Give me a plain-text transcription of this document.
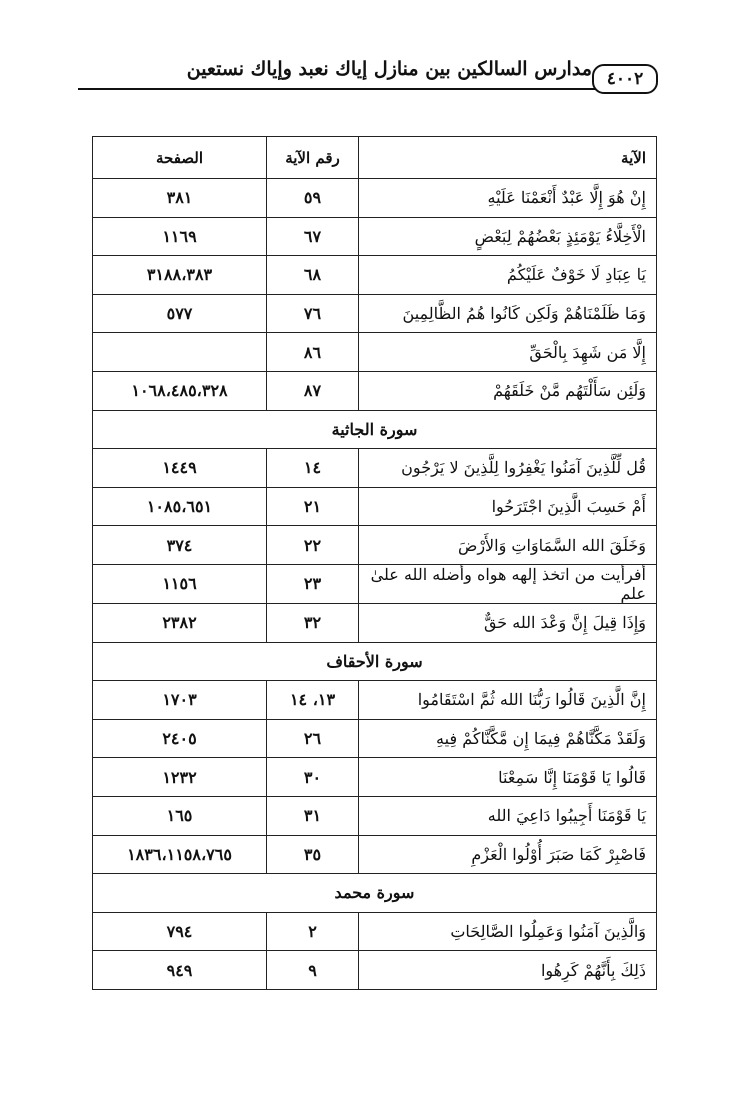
٤٠٠٢
مدارس السالكين بين منازل إياك نعبد وإياك نستعين
الآية	رقم الآية	الصفحة
إِنْ هُوَ إِلَّا عَبْدٌ أَنْعَمْنَا عَلَيْهِ	٥٩	٣٨١
الْأَخِلَّاءُ يَوْمَئِذٍ بَعْضُهُمْ لِبَعْضٍ	٦٧	١١٦٩
يَا عِبَادِ لَا خَوْفٌ عَلَيْكُمُ	٦٨	٣١٨٨،٣٨٣
وَمَا ظَلَمْنَاهُمْ وَلَكِن كَانُوا هُمُ الظَّالِمِينَ	٧٦	٥٧٧
إِلَّا مَن شَهِدَ بِالْحَقِّ	٨٦	
وَلَئِن سَأَلْتَهُم مَّنْ خَلَقَهُمْ	٨٧	١٠٦٨،٤٨٥،٣٢٨
سورة الجاثية		
قُل لِّلَّذِينَ آمَنُوا يَغْفِرُوا لِلَّذِينَ لا يَرْجُون	١٤	١٤٤٩
أَمْ حَسِبَ الَّذِينَ اجْتَرَحُوا	٢١	١٠٨٥،٦٥١
وَخَلَقَ الله السَّمَاوَاتِ وَالأَرْضَ	٢٢	٣٧٤
أفرأيت من اتخذ إلهه هواه وأضله الله علىٰ علم	٢٣	١١٥٦
وَإِذَا قِيلَ إِنَّ وَعْدَ الله حَقٌّ	٣٢	٢٣٨٢
سورة الأحقاف		
إِنَّ الَّذِينَ قَالُوا رَبُّنَا الله ثُمَّ اسْتَقَامُوا	١٣، ١٤	١٧٠٣
وَلَقَدْ مَكَّنَّاهُمْ فِيمَا إِن مَّكَّنَّاكُمْ فِيهِ	٢٦	٢٤٠٥
قَالُوا يَا قَوْمَنَا إِنَّا سَمِعْنَا	٣٠	١٢٣٢
يَا قَوْمَنَا أَجِيبُوا دَاعِيَ الله	٣١	١٦٥
فَاصْبِرْ كَمَا صَبَرَ أُوْلُوا الْعَزْمِ	٣٥	١٨٣٦،١١٥٨،٧٦٥
سورة محمد		
وَالَّذِينَ آمَنُوا وَعَمِلُوا الصَّالِحَاتِ	٢	٧٩٤
ذَلِكَ بِأَنَّهُمْ كَرِهُوا	٩	٩٤٩
